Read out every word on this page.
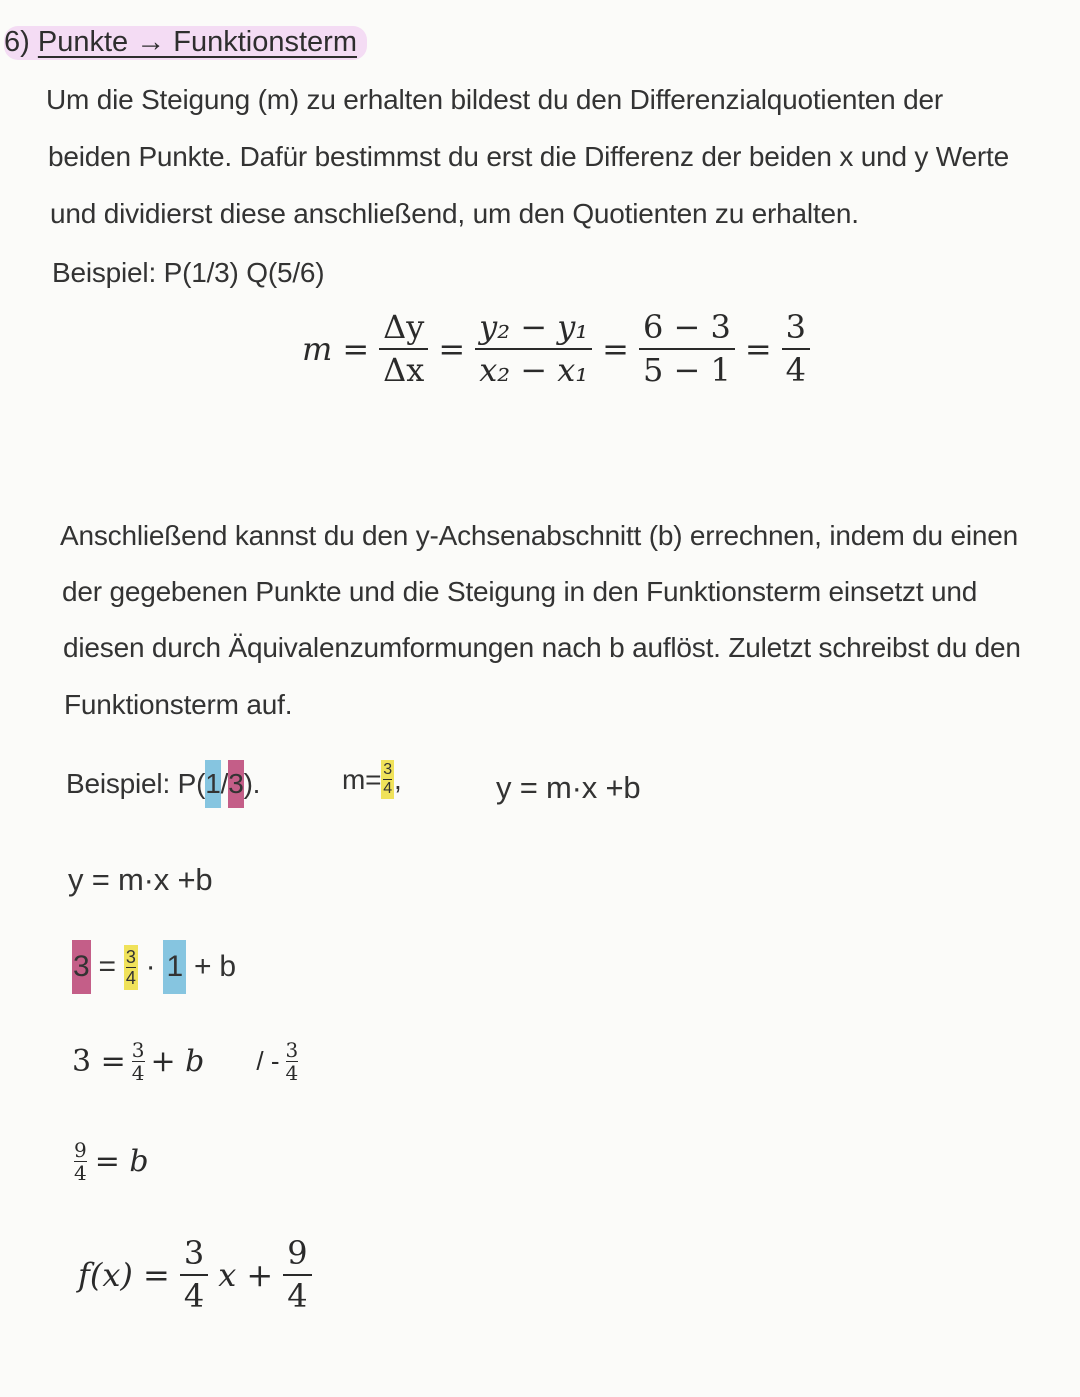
6) Punkte → Funktionsterm
Um die Steigung (m) zu erhalten bildest du den Differenzialquotienten der
beiden Punkte. Dafür bestimmst du erst die Differenz der beiden x und y Werte
und dividierst diese anschließend, um den Quotienten zu erhalten.
Beispiel: P(1/3) Q(5/6)
$m = \frac{\Delta y}{\Delta x} = \frac{\text{y₂ − y₁}}{\text{x₂ − x₁}} = \frac{6 - 3}{5 - 1} = \frac{3}{4}$
Anschließend kannst du den y-Achsenabschnitt (b) errechnen, indem du einen
der gegebenen Punkte und die Steigung in den Funktionsterm einsetzt und
diesen durch Äquivalenzumformungen nach b auflöst. Zuletzt schreibst du den
Funktionsterm auf.
Beispiel: P( 1 / 3 ).	m= 3
4 ,	y = m·x +b
y = m·x +b
3 = 3
4 · 1 + b
3 = 3
4 + b / - 3
4
9
4 = b
$f(x) = \frac{3}{4}$ $x + \frac{9}{4}$
